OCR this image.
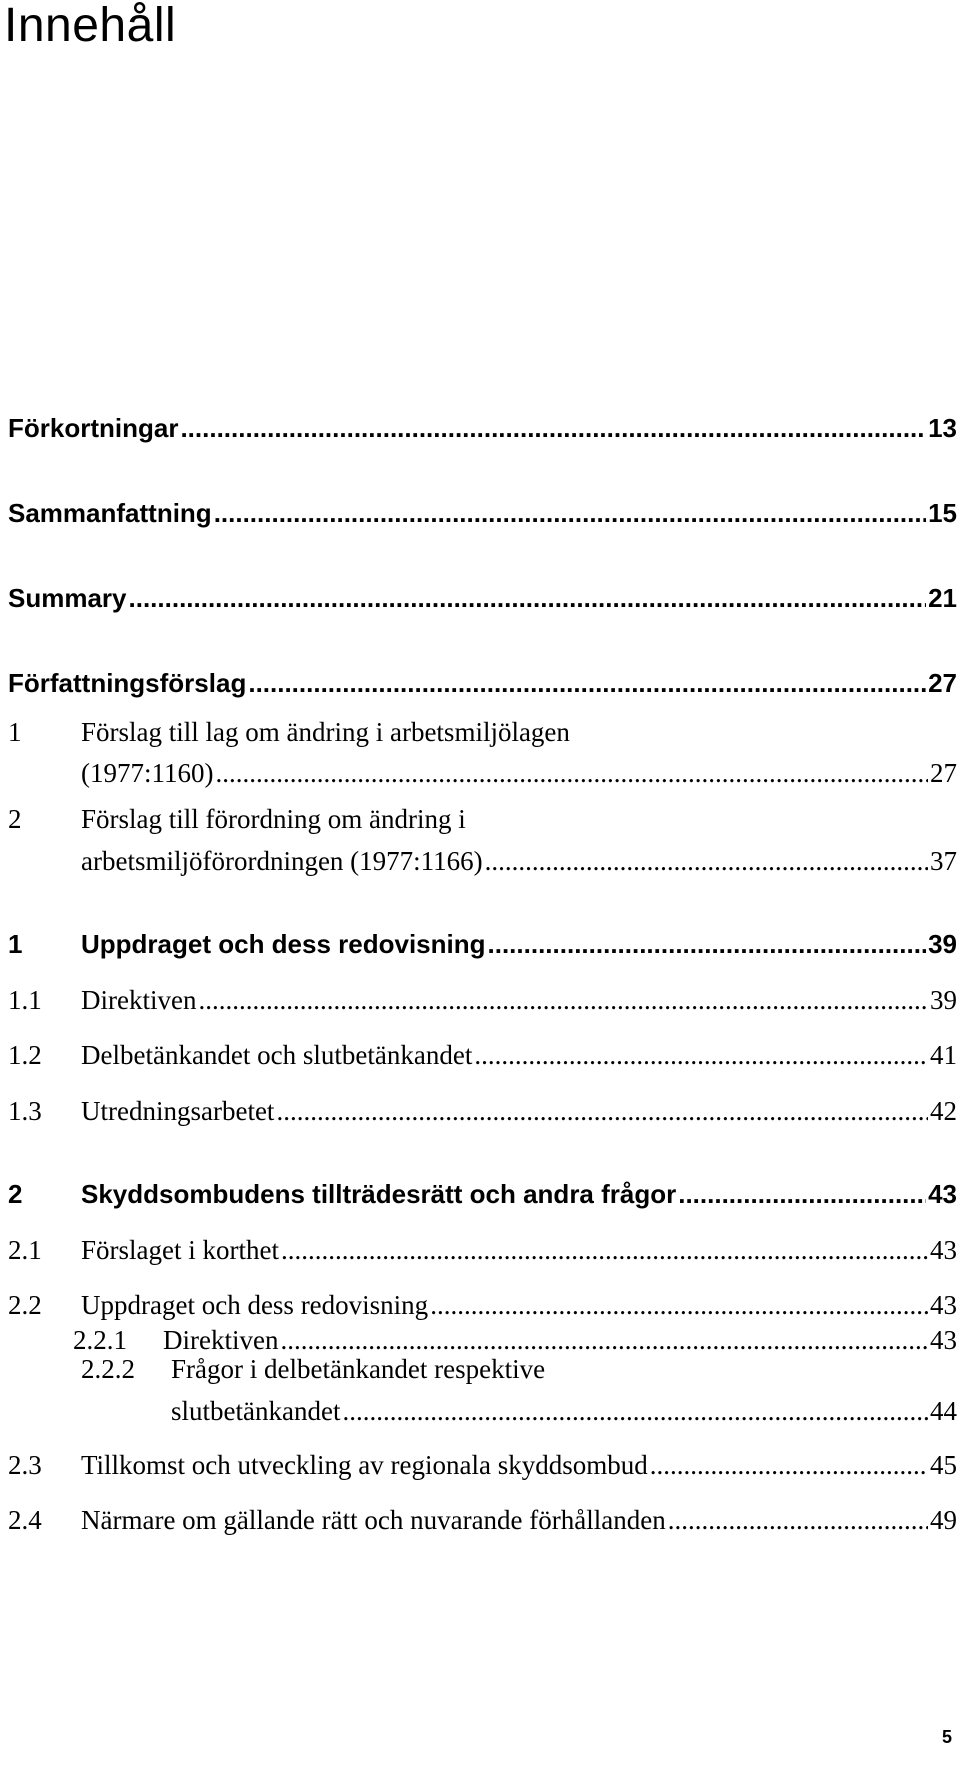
Innehåll
Förkortningar .....	13
Sammanfattning .....	15
Summary .....	21
Författningsförslag .....	27
1 Förslag till lag om ändring i arbetsmiljölagen
(1977:1160) .....	27
2 Förslag till förordning om ändring i
arbetsmiljöförordningen (1977:1166) .....	37
1	Uppdraget och dess redovisning .....	39
1.1	Direktiven .....	39
1.2	Delbetänkandet och slutbetänkandet .....	41
1.3	Utredningsarbetet .....	42
2	Skyddsombudens tillträdesrätt och andra frågor .....	43
2.1	Förslaget i korthet .....	43
2.2	Uppdraget och dess redovisning .....	43
2.2.1	Direktiven .....	43
2.2.2 Frågor i delbetänkandet respektive
slutbetänkandet .....	44
2.3	Tillkomst och utveckling av regionala skyddsombud .....	45
2.4	Närmare om gällande rätt och nuvarande förhållanden .....	49
5
